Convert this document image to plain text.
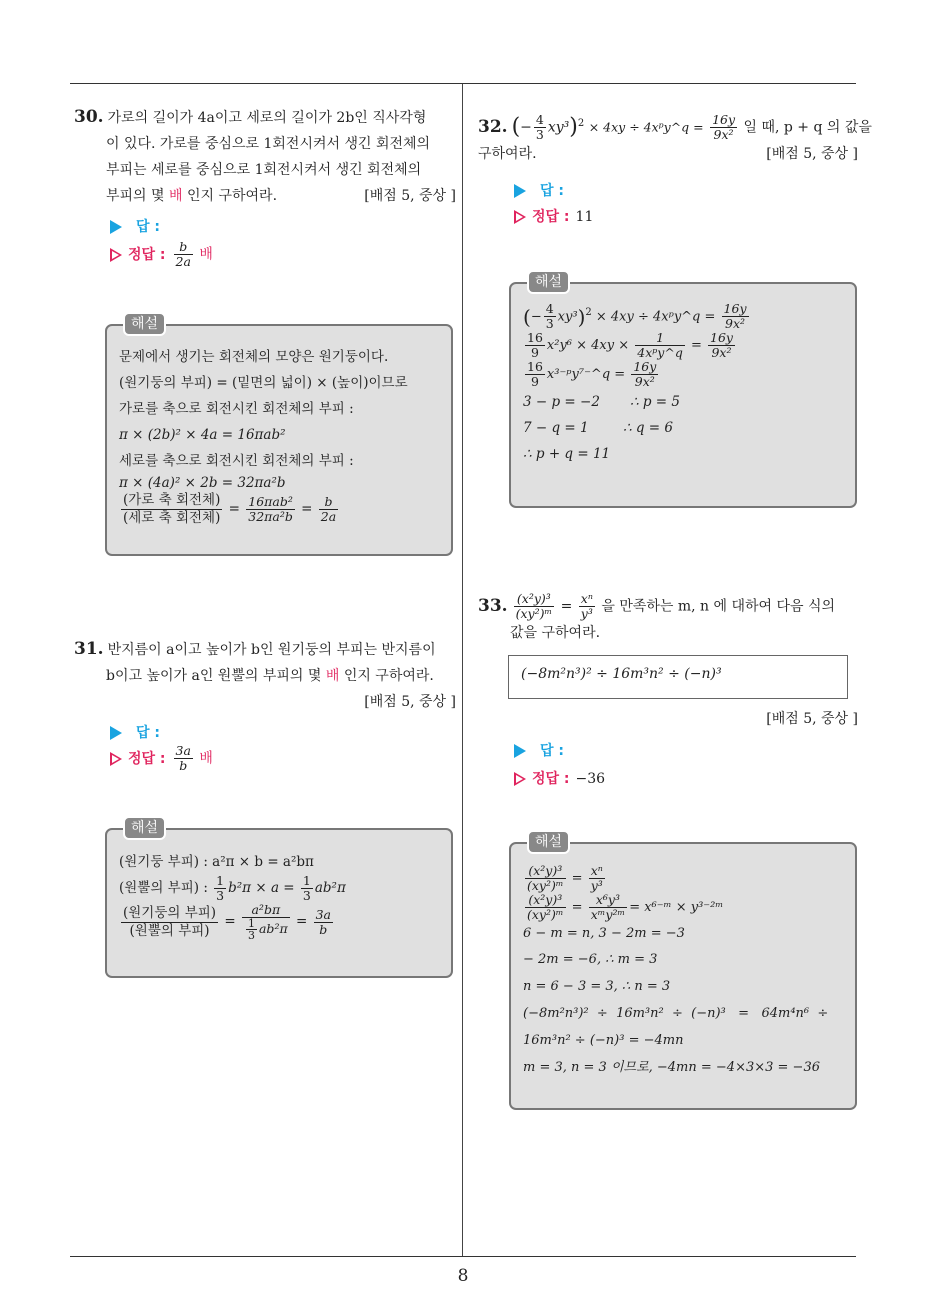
8
30. 가로의 길이가 4a이고 세로의 길이가 2b인 직사각형
이 있다. 가로를 중심으로 1회전시켜서 생긴 회전체의
부피는 세로를 중심으로 1회전시켜서 생긴 회전체의
부피의 몇 배 인지 구하여라.	[배점 5, 중상 ]
답 :
정답 : $\frac{b}{2a}$ 배
해설
문제에서 생기는 회전체의 모양은 원기둥이다.
(원기둥의 부피) = (밑면의 넓이) × (높이)이므로
가로를 축으로 회전시킨 회전체의 부피 :
π × (2b)² × 4a = 16πab²
세로를 축으로 회전시킨 회전체의 부피 :
π × (4a)² × 2b = 32πa²b
$\frac{\text{(가로 축 회전체)}}{\text{(세로 축 회전체)}} = \frac{\text{16πab²}}{\text{32πa²b}} = \frac{b}{2a}$
31. 반지름이 a이고 높이가 b인 원기둥의 부피는 반지름이
b이고 높이가 a인 원뿔의 부피의 몇 배 인지 구하여라.
[배점 5, 중상 ]
답 :
정답 : $\frac{3a}{b}$ 배
해설
(원기둥 부피) : a²π × b = a²bπ
(원뿔의 부피) : $\frac{1}{3} b^2\pi \times a = \frac{1}{3} ab^2\pi$
$\frac{\text{(원기둥의 부피)}}{\text{(원뿔의 부피)}} = \frac{\text{a²bπ}}{\frac{1}{3} ab^2\pi} = \frac{3a}{b}$
32. (− $\frac{4}{3} xy^3)^2 \times 4xy$ ÷ 4xᵖy^q = $\frac{16y}{\text{9x²}}$ 일 때, p + q 의 값을
구하여라.	[배점 5, 중상 ]
답 :
정답 : 11
해설
(− $\frac{4}{3} xy^3)^2 \times 4xy$ ÷ 4xᵖy^q = $\frac{16y}{\text{9x²}}$
$\frac{16}{9} x^2y^6 \times 4xy \times \frac{1}{\text{4xᵖy\textasciicircum{}q}} = \frac{16y}{\text{9x²}}$
$\frac{16}{9}$ x³⁻ᵖy⁷⁻^q = $\frac{16y}{\text{9x²}}$
3 − p = −2       ∴ p = 5
7 − q = 1        ∴ q = 6
∴ p + q = 11
33. $\frac{\text{(x²y)³}}{\text{(xy²)ᵐ}} = \frac{\text{xⁿ}}{\text{y³}}$ 을 만족하는 m, n 에 대하여 다음 식의
값을 구하여라.
(−8m²n³)² ÷ 16m³n² ÷ (−n)³
[배점 5, 중상 ]
답 :
정답 : −36
해설
$\frac{\text{(x²y)³}}{\text{(xy²)ᵐ}} = \frac{\text{xⁿ}}{\text{y³}}$
$\frac{\text{(x²y)³}}{\text{(xy²)ᵐ}} = \frac{\text{x⁶y³}}{\text{xᵐy²ᵐ}}$ = x⁶⁻ᵐ × y³⁻²ᵐ
6 − m = n, 3 − 2m = −3
− 2m = −6, ∴ m = 3
n = 6 − 3 = 3, ∴ n = 3
(−8m²n³)²  ÷  16m³n²  ÷  (−n)³   =   64m⁴n⁶  ÷
16m³n² ÷ (−n)³ = −4mn
m = 3, n = 3 이므로, −4mn = −4×3×3 = −36
